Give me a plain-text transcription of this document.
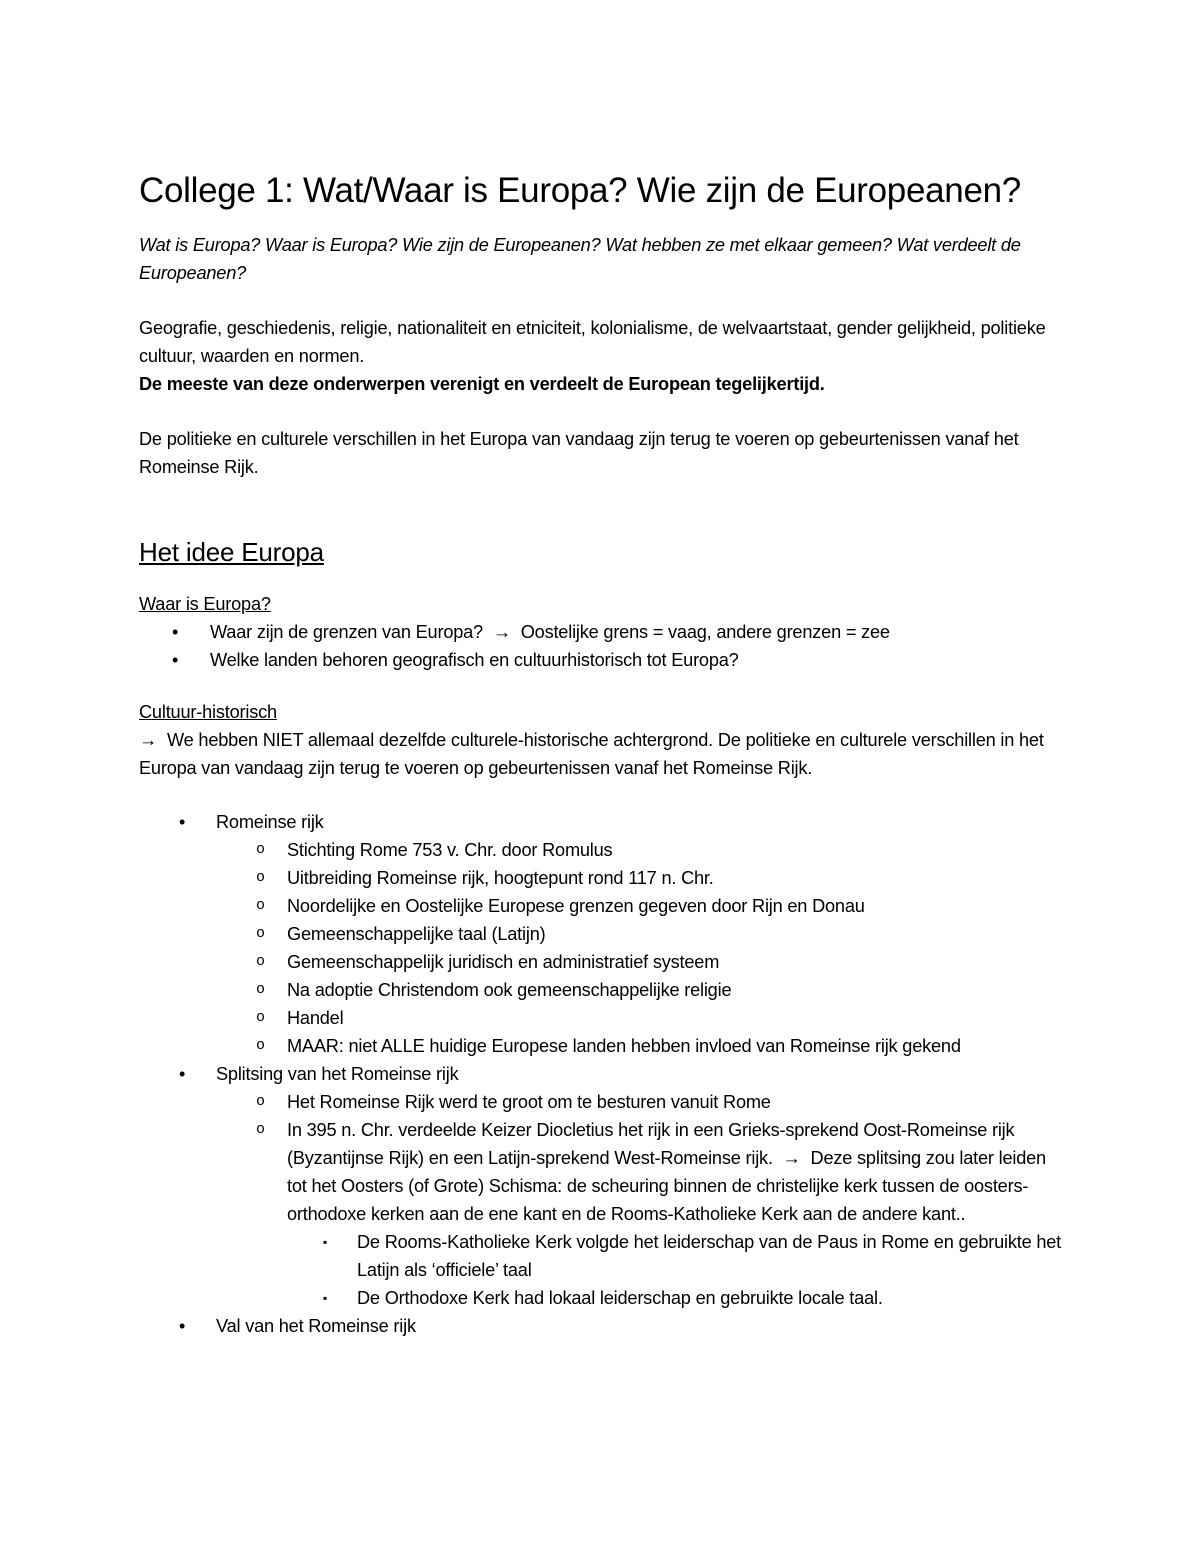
College 1: Wat/Waar is Europa? Wie zijn de Europeanen?

Wat is Europa? Waar is Europa? Wie zijn de Europeanen? Wat hebben ze met elkaar gemeen? Wat verdeelt de Europeanen?

Geografie, geschiedenis, religie, nationaliteit en etniciteit, kolonialisme, de welvaartstaat, gender gelijkheid, politieke cultuur, waarden en normen.

De meeste van deze onderwerpen verenigt en verdeelt de European tegelijkertijd.

De politieke en culturele verschillen in het Europa van vandaag zijn terug te voeren op gebeurtenissen vanaf het Romeinse Rijk.

Het idee Europa

Waar is Europa?

• Waar zijn de grenzen van Europa? → Oostelijke grens = vaag, andere grenzen = zee
• Welke landen behoren geografisch en cultuurhistorisch tot Europa?

Cultuur-historisch

→ We hebben NIET allemaal dezelfde culturele-historische achtergrond. De politieke en culturele verschillen in het Europa van vandaag zijn terug te voeren op gebeurtenissen vanaf het Romeinse Rijk.

• Romeinse rijk
o Stichting Rome 753 v. Chr. door Romulus
o Uitbreiding Romeinse rijk, hoogtepunt rond 117 n. Chr.
o Noordelijke en Oostelijke Europese grenzen gegeven door Rijn en Donau
o Gemeenschappelijke taal (Latijn)
o Gemeenschappelijk juridisch en administratief systeem
o Na adoptie Christendom ook gemeenschappelijke religie
o Handel
o MAAR: niet ALLE huidige Europese landen hebben invloed van Romeinse rijk gekend
• Splitsing van het Romeinse rijk
o Het Romeinse Rijk werd te groot om te besturen vanuit Rome
o In 395 n. Chr. verdeelde Keizer Diocletius het rijk in een Grieks-sprekend Oost-Romeinse rijk (Byzantijnse Rijk) en een Latijn-sprekend West-Romeinse rijk. → Deze splitsing zou later leiden tot het Oosters (of Grote) Schisma: de scheuring binnen de christelijke kerk tussen de oosters-orthodoxe kerken aan de ene kant en de Rooms-Katholieke Kerk aan de andere kant..
▪ De Rooms-Katholieke Kerk volgde het leiderschap van de Paus in Rome en gebruikte het Latijn als ‘officiele’ taal
▪ De Orthodoxe Kerk had lokaal leiderschap en gebruikte locale taal.
• Val van het Romeinse rijk
